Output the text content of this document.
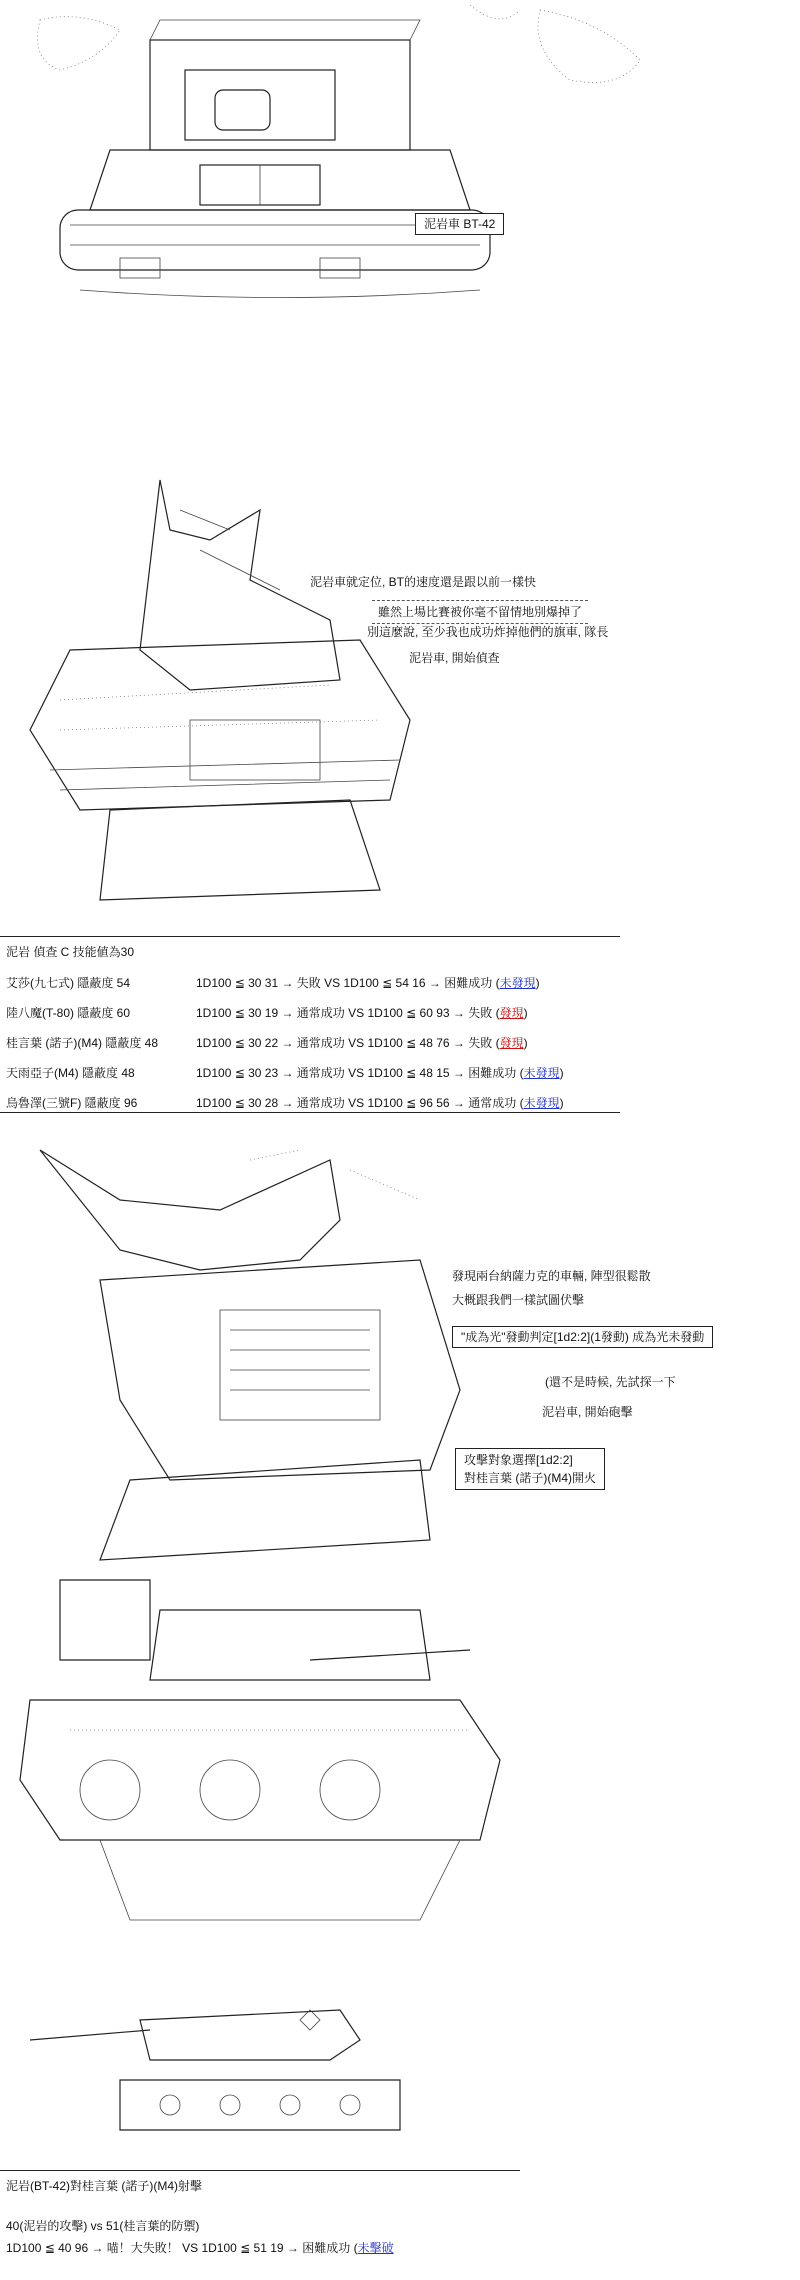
泥岩車 BT-42
泥岩車就定位, BT的速度還是跟以前一樣快
雖然上場比賽被你毫不留情地別爆掉了
別這麼說, 至少我也成功炸掉他們的旗車, 隊長
泥岩車, 開始偵查
泥岩 偵查 C 技能値為30
艾莎(九七式) 隱蔽度 54	1D100 ≦ 30 31 → 失敗 VS 1D100 ≦ 54 16 → 困難成功 (未發現)
陸八魔(T-80) 隱蔽度 60	1D100 ≦ 30 19 → 通常成功 VS 1D100 ≦ 60 93 → 失敗 (發現)
桂言葉 (諾子)(M4) 隱蔽度 48	1D100 ≦ 30 22 → 通常成功 VS 1D100 ≦ 48 76 → 失敗 (發現)
天雨亞子(M4) 隱蔽度 48	1D100 ≦ 30 23 → 通常成功 VS 1D100 ≦ 48 15 → 困難成功 (未發現)
烏魯澤(三號F) 隱蔽度 96	1D100 ≦ 30 28 → 通常成功 VS 1D100 ≦ 96 56 → 通常成功 (未發現)
發現兩台納薩力克的車輛, 陣型很鬆散
大概跟我們一樣試圖伏擊
"成為光"發動判定[1d2:2](1發動) 成為光未發動
(還不是時候, 先試探一下
泥岩車, 開始砲擊
攻擊對象選擇[1d2:2]
對桂言葉 (諾子)(M4)開火
泥岩(BT-42)對桂言葉 (諾子)(M4)射擊
40(泥岩的攻擊) vs 51(桂言葉的防禦)
1D100 ≦ 40 96 → 喵！大失敗！ VS 1D100 ≦ 51 19 → 困難成功 (未擊破
